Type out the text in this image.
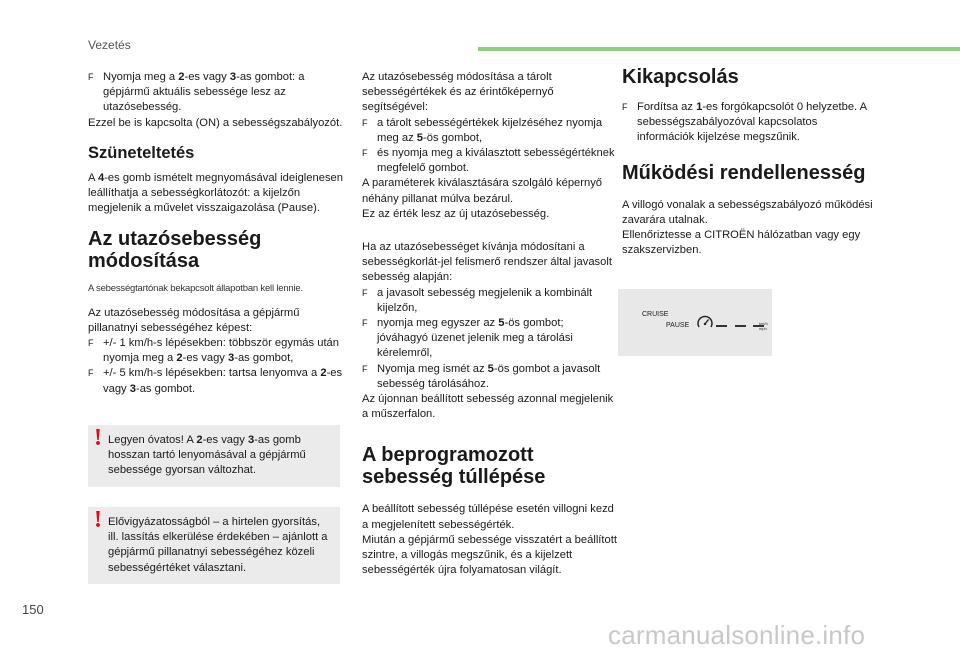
Vezetés

F Nyomja meg a 2-es vagy 3-as gombot: a gépjármű aktuális sebessége lesz az utazósebesség.

Ezzel be is kapcsolta (ON) a sebességszabályozót.

Szüneteltetés

A 4-es gomb ismételt megnyomásával ideiglenesen leállíthatja a sebességkorlátozót: a kijelzőn megjelenik a művelet visszaigazolása (Pause).

Az utazósebesség
módosítása

A sebességtartónak bekapcsolt állapotban kell lennie.

Az utazósebesség módosítása a gépjármű pillanatnyi sebességéhez képest:

F +/- 1 km/h-s lépésekben: többször egymás után nyomja meg a 2-es vagy 3-as gombot,

F +/- 5 km/h-s lépésekben: tartsa lenyomva a 2-es vagy 3-as gombot.

! Legyen óvatos! A 2-es vagy 3-as gomb hosszan tartó lenyomásával a gépjármű sebessége gyorsan változhat.
! Elővigyázatosságból – a hirtelen gyorsítás, ill. lassítás elkerülése érdekében – ajánlott a gépjármű pillanatnyi sebességéhez közeli sebességértéket választani.

Az utazósebesség módosítása a tárolt sebességértékek és az érintőképernyő segítségével:

F a tárolt sebességértékek kijelzéséhez nyomja meg az 5-ös gombot,

F és nyomja meg a kiválasztott sebességértéknek megfelelő gombot.

A paraméterek kiválasztására szolgáló képernyő néhány pillanat múlva bezárul.

Ez az érték lesz az új utazósebesség.

Ha az utazósebességet kívánja módosítani a sebességkorlát-jel felismerő rendszer által javasolt sebesség alapján:

F a javasolt sebesség megjelenik a kombinált kijelzőn,

F nyomja meg egyszer az 5-ös gombot; jóváhagyó üzenet jelenik meg a tárolási kérelemről,

F Nyomja meg ismét az 5-ös gombot a javasolt sebesség tárolásához.

Az újonnan beállított sebesség azonnal megjelenik a műszerfalon.

A beprogramozott
sebesség túllépése

A beállított sebesség túllépése esetén villogni kezd a megjelenített sebességérték.

Miután a gépjármű sebessége visszatért a beállított szintre, a villogás megszűnik, és a kijelzett sebességérték újra folyamatosan világít.

Kikapcsolás

F Fordítsa az 1-es forgókapcsolót 0 helyzetbe. A sebességszabályozóval kapcsolatos információk kijelzése megszűnik.

Működési rendellenesség

A villogó vonalak a sebességszabályozó működési zavarára utalnak.

Ellenőriztesse a CITROËN hálózatban vagy egy szakszervizben.

CRUISE
PAUSE	km/h
mph
150
carmanualsonline.info
